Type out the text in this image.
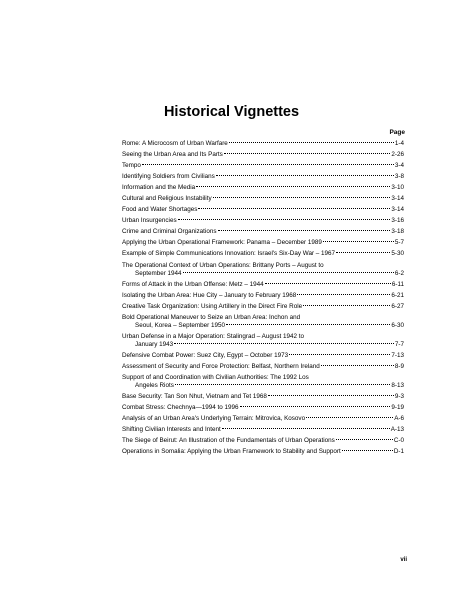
Historical Vignettes
Page
Rome: A Microcosm of Urban Warfare	1-4
Seeing the Urban Area and Its Parts	2-26
Tempo	3-4
Identifying Soldiers from Civilians	3-8
Information and the Media	3-10
Cultural and Religious Instability	3-14
Food and Water Shortages	3-14
Urban Insurgencies	3-16
Crime and Criminal Organizations	3-18
Applying the Urban Operational Framework: Panama – December 1989	5-7
Example of Simple Communications Innovation: Israel's Six-Day War – 1967	5-30
The Operational Context of Urban Operations: Brittany Ports – August to
September 1944	6-2
Forms of Attack in the Urban Offense: Metz – 1944	6-11
Isolating the Urban Area: Hue City – January to February 1968	6-21
Creative Task Organization: Using Artillery in the Direct Fire Role	6-27
Bold Operational Maneuver to Seize an Urban Area: Inchon and
Seoul, Korea – September 1950	6-30
Urban Defense in a Major Operation: Stalingrad – August 1942 to
January 1943	7-7
Defensive Combat Power: Suez City, Egypt – October 1973	7-13
Assessment of Security and Force Protection: Belfast, Northern Ireland	8-9
Support of and Coordination with Civilian Authorities: The 1992 Los
Angeles Riots	8-13
Base Security: Tan Son Nhut, Vietnam and Tet 1968	9-3
Combat Stress: Chechnya—1994 to 1996	9-19
Analysis of an Urban Area's Underlying Terrain: Mitrovica, Kosovo	A-6
Shifting Civilian Interests and Intent	A-13
The Siege of Beirut: An Illustration of the Fundamentals of Urban Operations	C-0
Operations in Somalia: Applying the Urban Framework to Stability and Support	D-1
vii
